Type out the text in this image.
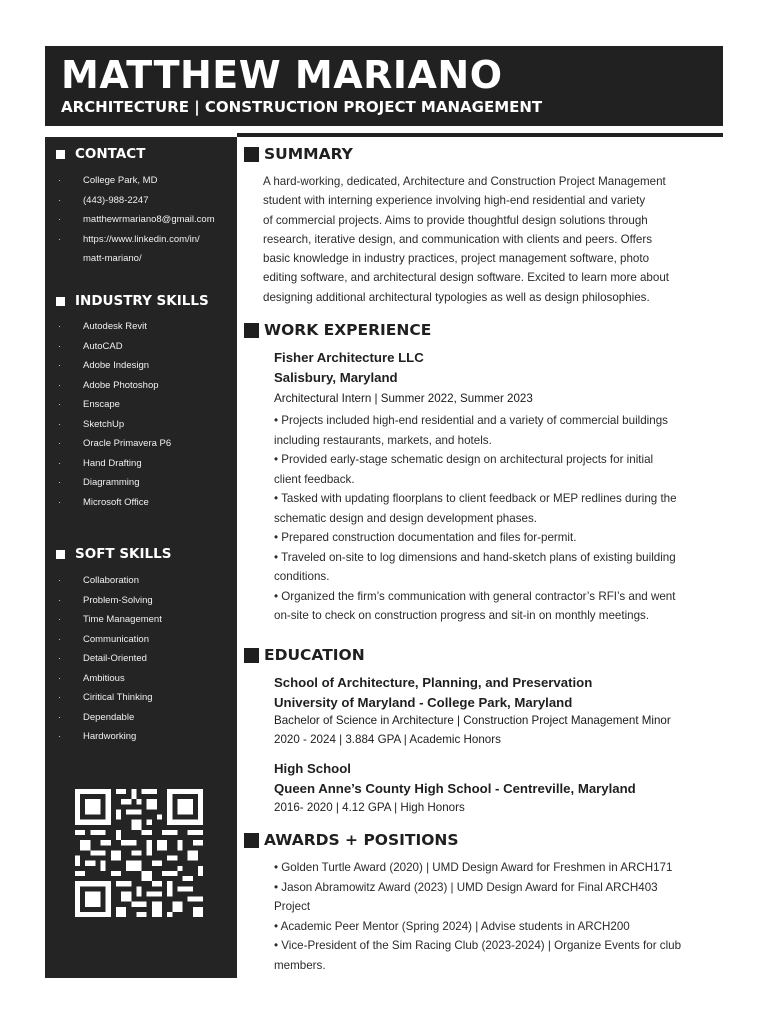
MATTHEW MARIANO
ARCHITECTURE | CONSTRUCTION PROJECT MANAGEMENT
CONTACT
·	College Park, MD
·	(443)-988-2247
·	matthewrmariano8@gmail.com
·	https://www.linkedin.com/in/
matt-mariano/
INDUSTRY SKILLS
·	Autodesk Revit
·	AutoCAD
·	Adobe Indesign
·	Adobe Photoshop
·	Enscape
·	SketchUp
·	Oracle Primavera P6
·	Hand Drafting
·	Diagramming
·	Microsoft Office
SOFT SKILLS
·	Collaboration
·	Problem-Solving
·	Time Management
·	Communication
·	Detail-Oriented
·	Ambitious
·	Ciritical Thinking
·	Dependable
·	Hardworking
SUMMARY
A hard-working, dedicated, Architecture and Construction Project Management
student with interning experience involving high-end residential and variety
of commercial projects. Aims to provide thoughtful design solutions through
research, iterative design, and communication with clients and peers. Offers
basic knowledge in industry practices, project management software, photo
editing software, and architectural design software. Excited to learn more about
designing additional architectural typologies as well as design philosophies.
WORK EXPERIENCE
Fisher Architecture LLC
Salisbury, Maryland
Architectural Intern | Summer 2022, Summer 2023
• Projects included high-end residential and a variety of commercial buildings
including restaurants, markets, and hotels.
• Provided early-stage schematic design on architectural projects for initial
client feedback.
• Tasked with updating floorplans to client feedback or MEP redlines during the
schematic design and design development phases.
• Prepared construction documentation and files for-permit.
• Traveled on-site to log dimensions and hand-sketch plans of existing building
conditions.
• Organized the firm’s communication with general contractor’s RFI’s and went
on-site to check on construction progress and sit-in on monthly meetings.
EDUCATION
School of Architecture, Planning, and Preservation
University of Maryland - College Park, Maryland
Bachelor of Science in Architecture | Construction Project Management Minor
2020 - 2024 | 3.884 GPA | Academic Honors
High School
Queen Anne’s County High School - Centreville, Maryland
2016- 2020 | 4.12 GPA | High Honors
AWARDS + POSITIONS
• Golden Turtle Award (2020) | UMD Design Award for Freshmen in ARCH171
• Jason Abramowitz Award (2023) | UMD Design Award for Final ARCH403
Project
• Academic Peer Mentor (Spring 2024) | Advise students in ARCH200
• Vice-President of the Sim Racing Club (2023-2024) | Organize Events for club
members.
